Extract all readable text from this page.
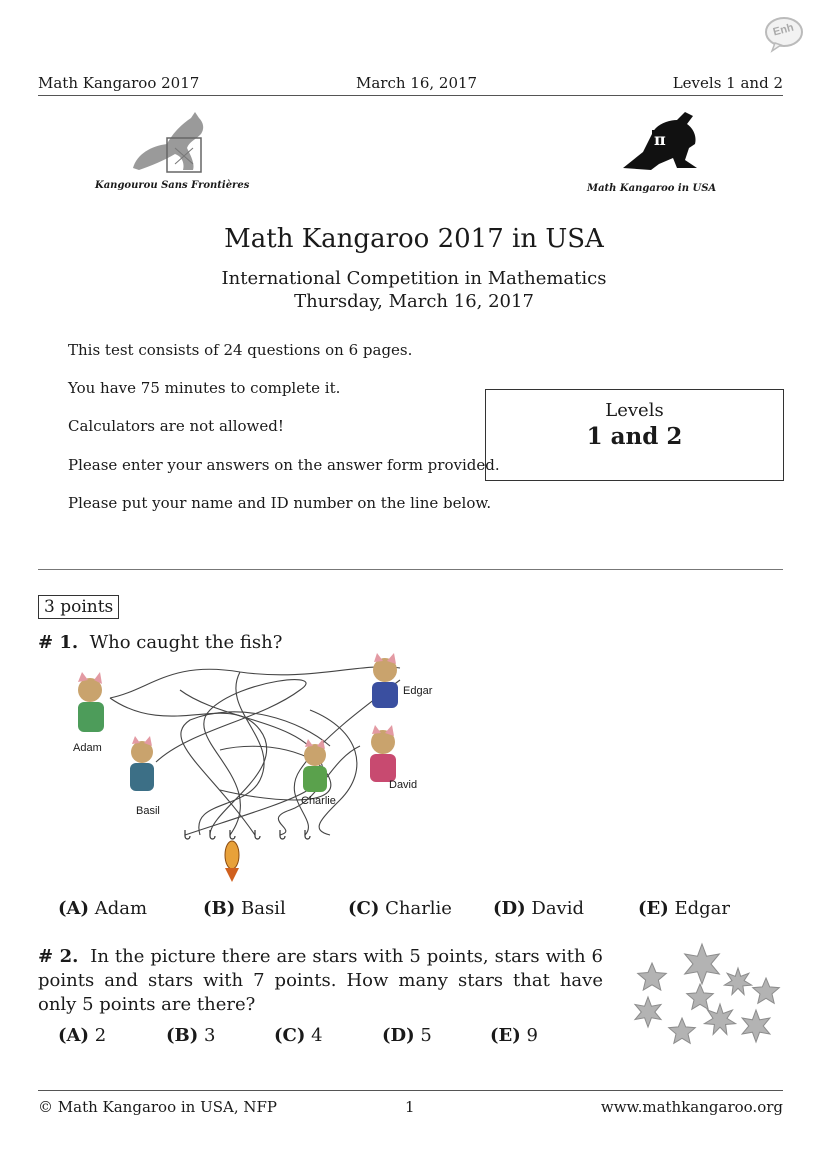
Enh
Math Kangaroo 2017	March 16, 2017	Levels 1 and 2
Kangourou Sans Frontières
π
Math Kangaroo in USA
Math Kangaroo 2017 in USA
International Competition in Mathematics
Thursday, March 16, 2017
This test consists of 24 questions on 6 pages.
You have 75 minutes to complete it.
Calculators are not allowed!
Please enter your answers on the answer form provided.
Please put your name and ID number on the line below.
Levels
1 and 2
3 points
# 1. Who caught the fish?
Adam
Basil
Charlie
David
Edgar
(A) Adam	(B) Basil	(C) Charlie (D) David	(E) Edgar
# 2. In the picture there are stars with 5 points, stars with 6 points and stars with 7 points. How many stars that have only 5 points are there?
(A) 2	(B) 3	(C) 4	(D) 5	(E) 9
© Math Kangaroo in USA, NFP	1	www.mathkangaroo.org
